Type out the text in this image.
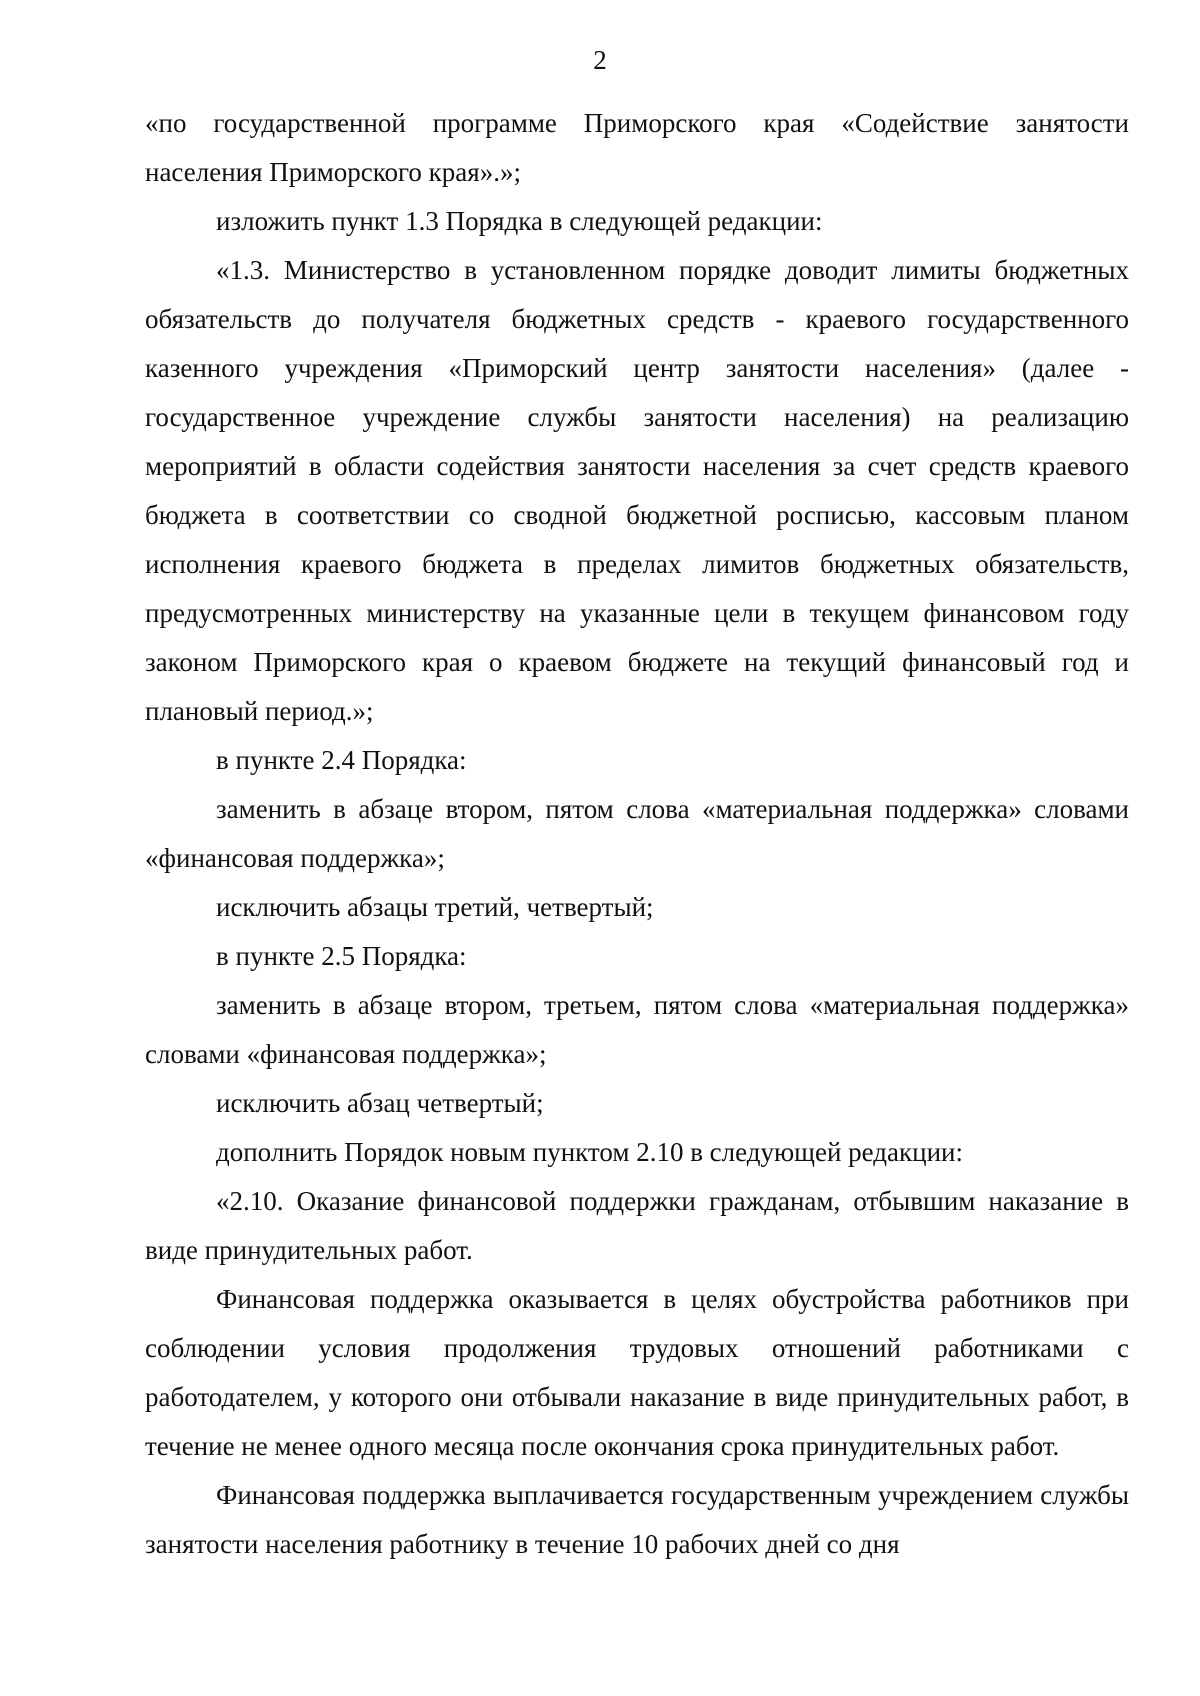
2

«по государственной программе Приморского края «Содействие занятости населения Приморского края».»;

изложить пункт 1.3 Порядка в следующей редакции:

«1.3. Министерство в установленном порядке доводит лимиты бюджетных обязательств до получателя бюджетных средств - краевого государственного казенного учреждения «Приморский центр занятости населения» (далее - государственное учреждение службы занятости населения) на реализацию мероприятий в области содействия занятости населения за счет средств краевого бюджета в соответствии со сводной бюджетной росписью, кассовым планом исполнения краевого бюджета в пределах лимитов бюджетных обязательств, предусмотренных министерству на указанные цели в текущем финансовом году законом Приморского края о краевом бюджете на текущий финансовый год и плановый период.»;

в пункте 2.4 Порядка:

заменить в абзаце втором, пятом слова «материальная поддержка» словами «финансовая поддержка»;

исключить абзацы третий, четвертый;

в пункте 2.5 Порядка:

заменить в абзаце втором, третьем, пятом слова «материальная поддержка» словами «финансовая поддержка»;

исключить абзац четвертый;

дополнить Порядок новым пунктом 2.10 в следующей редакции:

«2.10. Оказание финансовой поддержки гражданам, отбывшим наказание в виде принудительных работ.

Финансовая поддержка оказывается в целях обустройства работников при соблюдении условия продолжения трудовых отношений работниками с работодателем, у которого они отбывали наказание в виде принудительных работ, в течение не менее одного месяца после окончания срока принудительных работ.

Финансовая поддержка выплачивается государственным учреждением службы занятости населения работнику в течение 10 рабочих дней со дня
